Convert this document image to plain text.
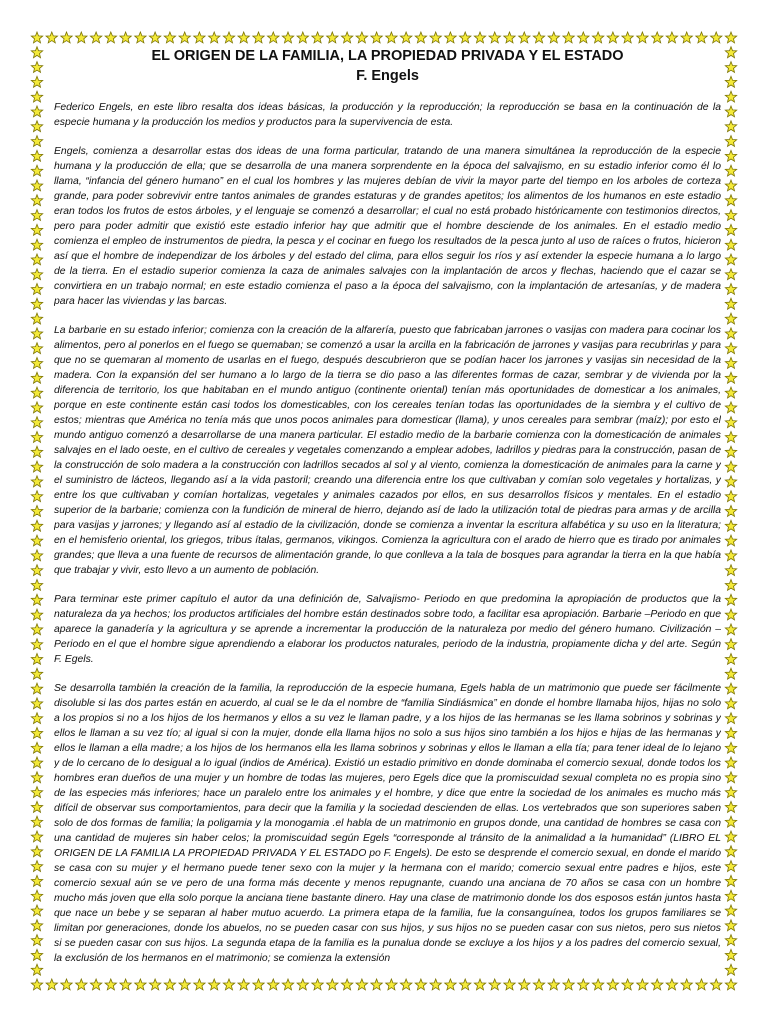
EL ORIGEN DE LA FAMILIA, LA PROPIEDAD PRIVADA Y EL ESTADO
F. Engels

Federico Engels, en este libro resalta dos ideas básicas, la producción y la reproducción; la reproducción se basa en la continuación de la especie humana y la producción los medios y productos para la supervivencia de esta.

Engels, comienza a desarrollar estas dos ideas de una forma particular, tratando de una manera simultánea la reproducción de la especie humana y la producción de ella; que se desarrolla de una manera sorprendente en la época del salvajismo, en su estadio inferior como él lo llama, “infancia del género humano” en el cual los hombres y las mujeres debían de vivir la mayor parte del tiempo en los arboles de corteza grande, para poder sobrevivir entre tantos animales de grandes estaturas y de grandes apetitos; los alimentos de los humanos en este estadio eran todos los frutos de estos árboles, y el lenguaje se comenzó a desarrollar; el cual no está probado históricamente con testimonios directos, pero para poder admitir que existió este estadio inferior hay que admitir que el hombre desciende de los animales. En el estadio medio comienza el empleo de instrumentos de piedra, la pesca y el cocinar en fuego los resultados de la pesca junto al uso de raíces o frutos, hicieron así que el hombre de independizar de los árboles y del estado del clima, para ellos seguir los ríos y así extender la especie humana a lo largo de la tierra. En el estadio superior comienza la caza de animales salvajes con la implantación de arcos y flechas, haciendo que el cazar se convirtiera en un trabajo normal; en este estadio comienza el paso a la época del salvajismo, con la implantación de artesanías, y de madera para hacer las viviendas y las barcas.

La barbarie en su estado inferior; comienza con la creación de la alfarería, puesto que fabricaban jarrones o vasijas con madera para cocinar los alimentos, pero al ponerlos en el fuego se quemaban; se comenzó a usar la arcilla en la fabricación de jarrones y vasijas para recubrirlas y para que no se quemaran al momento de usarlas en el fuego, después descubrieron que se podían hacer los jarrones y vasijas sin necesidad de la madera. Con la expansión del ser humano a lo largo de la tierra se dio paso a las diferentes formas de cazar, sembrar y de vivienda por la diferencia de territorio, los que habitaban en el mundo antiguo (continente oriental) tenían más oportunidades de domesticar a los animales, porque en este continente están casi todos los domesticables, con los cereales tenían todas las oportunidades de la siembra y el cultivo de estos; mientras que América no tenía más que unos pocos animales para domesticar (llama), y unos cereales para sembrar (maíz); por esto el mundo antiguo comenzó a desarrollarse de una manera particular. El estadio medio de la barbarie comienza con la domesticación de animales salvajes en el lado oeste, en el cultivo de cereales y vegetales comenzando a emplear adobes, ladrillos y piedras para la construcción, pasan de la construcción de solo madera a la construcción con ladrillos secados al sol y al viento, comienza la domesticación de animales para la carne y el suministro de lácteos, llegando así a la vida pastoril; creando una diferencia entre los que cultivaban y comían solo vegetales y hortalizas, y entre los que cultivaban y comían hortalizas, vegetales y animales cazados por ellos, en sus desarrollos físicos y mentales. En el estadio superior de la barbarie; comienza con la fundición de mineral de hierro, dejando así de lado la utilización total de piedras para armas y de arcilla para vasijas y jarrones; y llegando así al estadio de la civilización, donde se comienza a inventar la escritura alfabética y su uso en la literatura; en el hemisferio oriental, los griegos, tribus ítalas, germanos, vikingos. Comienza la agricultura con el arado de hierro que es tirado por animales grandes; que lleva a una fuente de recursos de alimentación grande, lo que conlleva a la tala de bosques para agrandar la tierra en la que había que trabajar y vivir, esto llevo a un aumento de población.

Para terminar este primer capítulo el autor da una definición de, Salvajismo- Periodo en que predomina la apropiación de productos que la naturaleza da ya hechos; los productos artificiales del hombre están destinados sobre todo, a facilitar esa apropiación. Barbarie –Periodo en que aparece la ganadería y la agricultura y se aprende a incrementar la producción de la naturaleza por medio del género humano. Civilización –Periodo en el que el hombre sigue aprendiendo a elaborar los productos naturales, periodo de la industria, propiamente dicha y del arte. Según F. Egels.

Se desarrolla también la creación de la familia, la reproducción de la especie humana, Egels habla de un matrimonio que puede ser fácilmente disoluble si las dos partes están en acuerdo, al cual se le da el nombre de “familia Sindiásmica” en donde el hombre llamaba hijos, hijas no solo a los propios si no a los hijos de los hermanos y ellos a su vez le llaman padre, y a los hijos de las hermanas se les llama sobrinos y sobrinas y ellos le llaman a su vez tío; al igual si con la mujer, donde ella llama hijos no solo a sus hijos sino también a los hijos e hijas de las hermanas y ellos le llaman a ella madre; a los hijos de los hermanos ella les llama sobrinos y sobrinas y ellos le llaman a ella tía; para tener ideal de lo lejano y de lo cercano de lo desigual a lo igual (indios de América). Existió un estadio primitivo en donde dominaba el comercio sexual, donde todos los hombres eran dueños de una mujer y un hombre de todas las mujeres, pero Egels dice que la promiscuidad sexual completa no es propia sino de las especies más inferiores; hace un paralelo entre los animales y el hombre, y dice que entre la sociedad de los animales es mucho más difícil de observar sus comportamientos, para decir que la familia y la sociedad descienden de ellas. Los vertebrados que son superiores saben solo de dos formas de familia; la poligamia y la monogamia .el habla de un matrimonio en grupos donde, una cantidad de hombres se casa con una cantidad de mujeres sin haber celos; la promiscuidad según Egels “corresponde al tránsito de la animalidad a la humanidad” (LIBRO EL ORIGEN DE LA FAMILIA LA PROPIEDAD PRIVADA Y EL ESTADO po F. Engels). De esto se desprende el comercio sexual, en donde el marido se casa con su mujer y el hermano puede tener sexo con la mujer y la hermana con el marido; comercio sexual entre padres e hijos, este comercio sexual aún se ve pero de una forma más decente y menos repugnante, cuando una anciana de 70 años se casa con un hombre mucho más joven que ella solo porque la anciana tiene bastante dinero. Hay una clase de matrimonio donde los dos esposos están juntos hasta que nace un bebe y se separan al haber mutuo acuerdo. La primera etapa de la familia, fue la consanguínea, todos los grupos familiares se limitan por generaciones, donde los abuelos, no se pueden casar con sus hijos, y sus hijos no se pueden casar con sus nietos, pero sus nietos si se pueden casar con sus hijos. La segunda etapa de la familia es la punalua donde se excluye a los hijos y a los padres del comercio sexual, la exclusión de los hermanos en el matrimonio; se comienza la extensión
